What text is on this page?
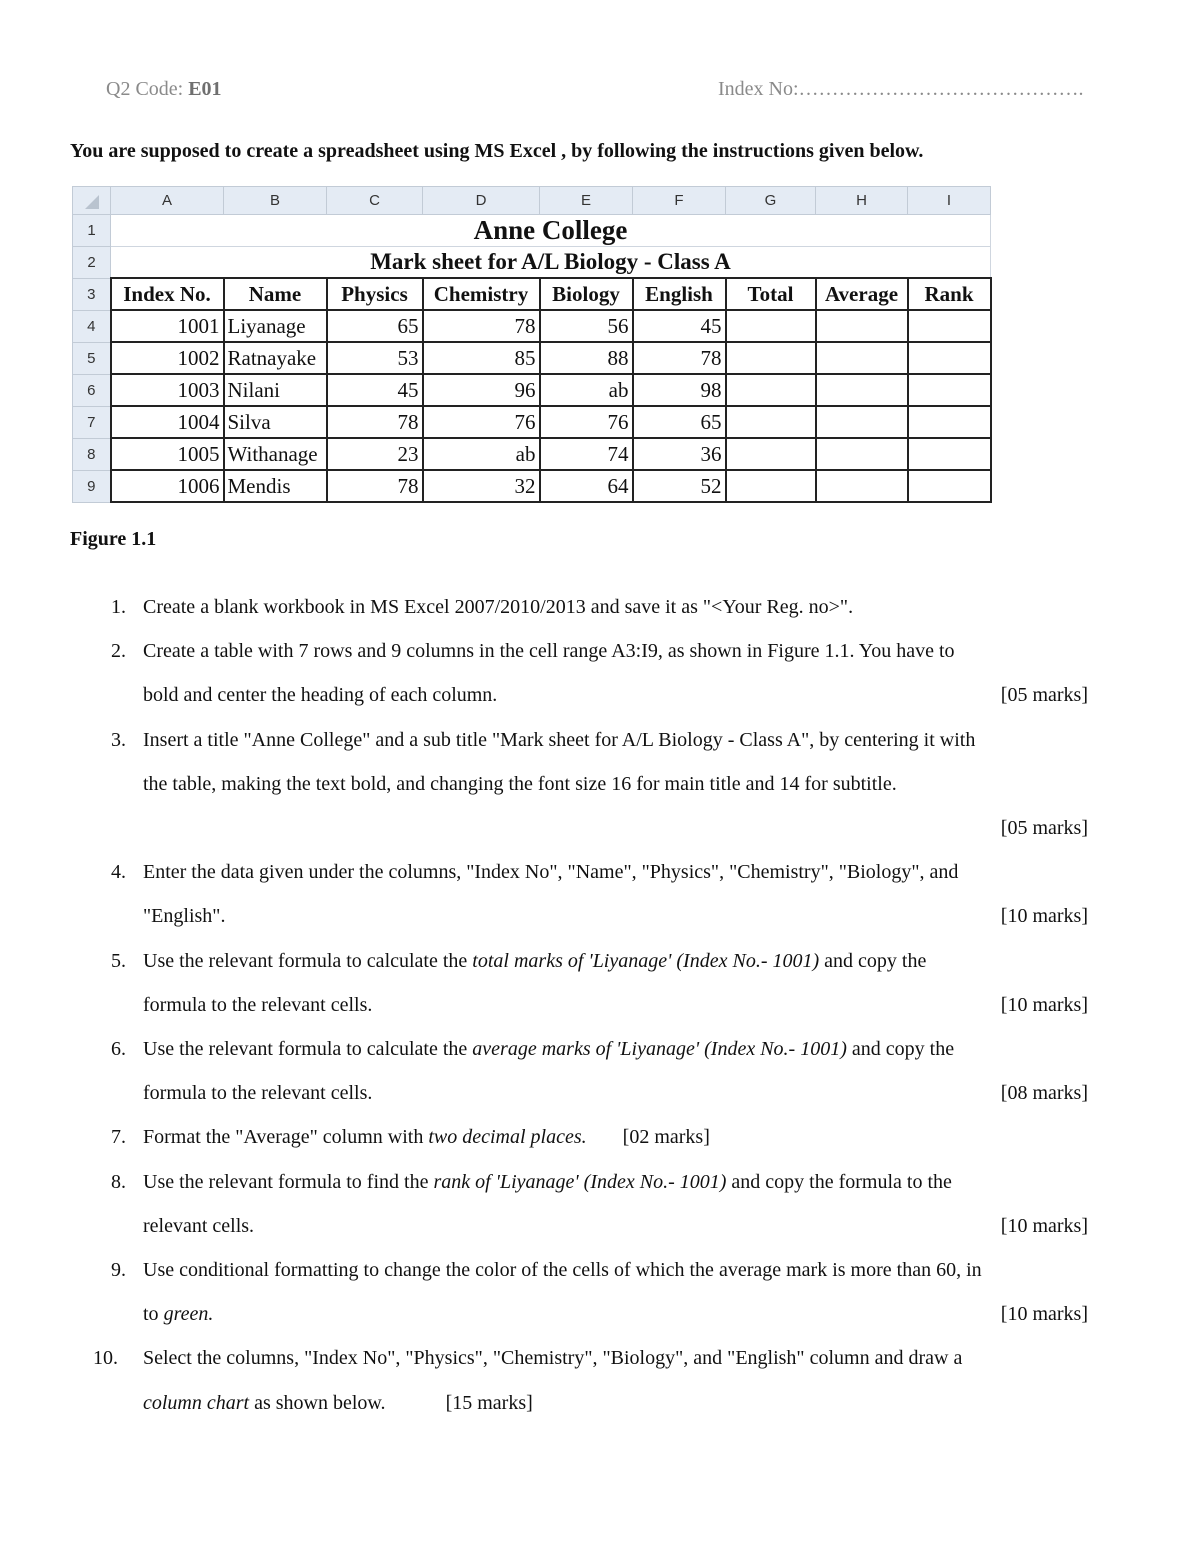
Q2 Code: E01	Index No:…………………………………….
You are supposed to create a spreadsheet using MS Excel , by following the instructions given below.
	A	B	C	D	E	F	G	H	I
1	Anne College								
2	Mark sheet for A/L Biology - Class A								
3	Index No.	Name	Physics	Chemistry	Biology	English	Total	Average	Rank
4	1001	Liyanage	65	78	56	45			
5	1002	Ratnayake	53	85	88	78			
6	1003	Nilani	45	96	ab	98			
7	1004	Silva	78	76	76	65			
8	1005	Withanage	23	ab	74	36			
9	1006	Mendis	78	32	64	52			
Figure 1.1
1. Create a blank workbook in MS Excel 2007/2010/2013 and save it as "<Your Reg. no>".
2. Create a table with 7 rows and 9 columns in the cell range A3:I9, as shown in Figure 1.1. You have to
bold and center the heading of each column.	[05 marks]
3. Insert a title "Anne College" and a sub title "Mark sheet for A/L Biology - Class A", by centering it with
the table, making the text bold, and changing the font size 16 for main title and 14 for subtitle.
[05 marks]
4. Enter the data given under the columns, "Index No", "Name", "Physics", "Chemistry", "Biology", and
"English".	[10 marks]
5. Use the relevant formula to calculate the total marks of 'Liyanage' (Index No.- 1001) and copy the
formula to the relevant cells.	[10 marks]
6. Use the relevant formula to calculate the average marks of 'Liyanage' (Index No.- 1001) and copy the
formula to the relevant cells.	[08 marks]
7. Format the "Average" column with two decimal places. [02 marks]
8. Use the relevant formula to find the rank of 'Liyanage' (Index No.- 1001) and copy the formula to the
relevant cells.	[10 marks]
9. Use conditional formatting to change the color of the cells of which the average mark is more than 60, in
to green.	[10 marks]
10.	Select the columns, "Index No", "Physics", "Chemistry", "Biology", and "English" column and draw a
column chart as shown below.	[15 marks]
